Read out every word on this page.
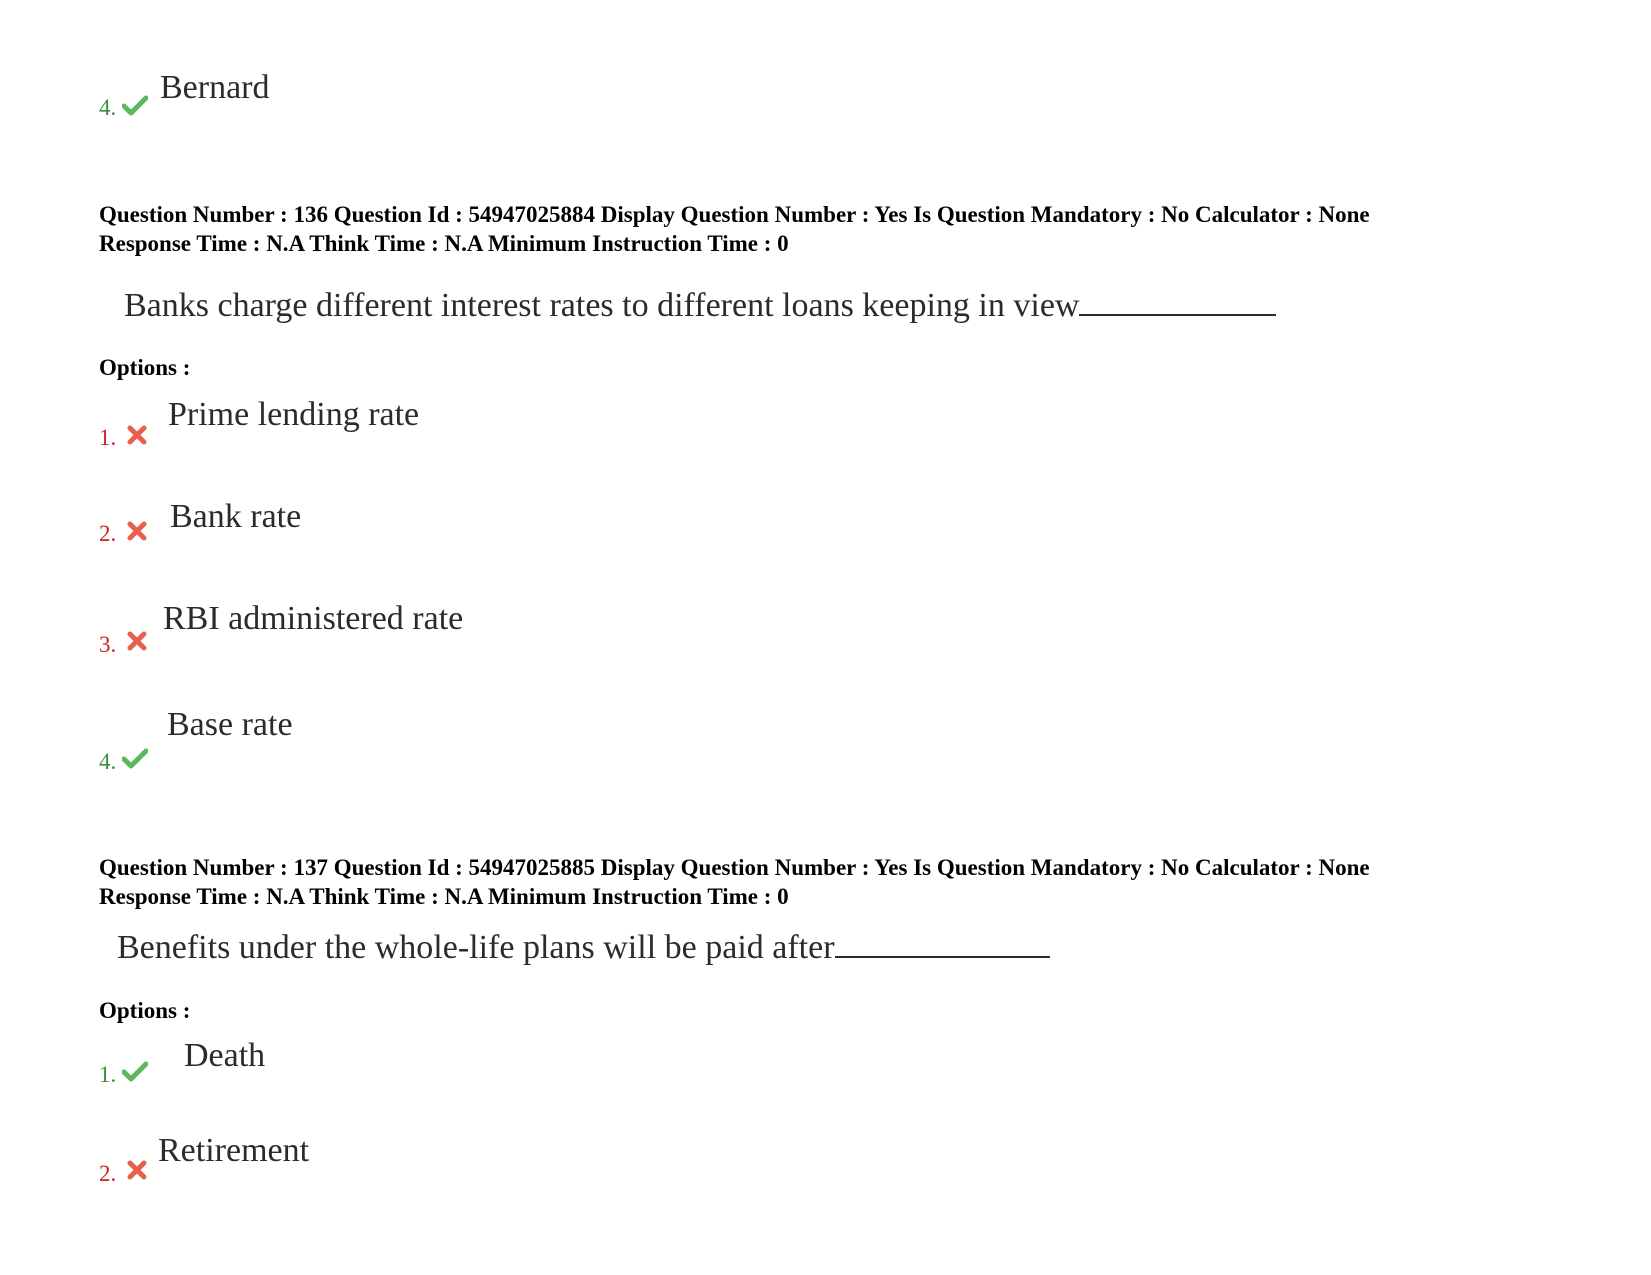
4.
Bernard
Question Number : 136 Question Id : 54947025884 Display Question Number : Yes Is Question Mandatory : No Calculator : None
Response Time : N.A Think Time : N.A Minimum Instruction Time : 0
Banks charge different interest rates to different loans keeping in view
Options :
1.
Prime lending rate
2. Bank rate
3.
RBI administered rate
4.
Base rate
Question Number : 137 Question Id : 54947025885 Display Question Number : Yes Is Question Mandatory : No Calculator : None
Response Time : N.A Think Time : N.A Minimum Instruction Time : 0
Benefits under the whole-life plans will be paid after
Options :
1.
Death
2.
Retirement
